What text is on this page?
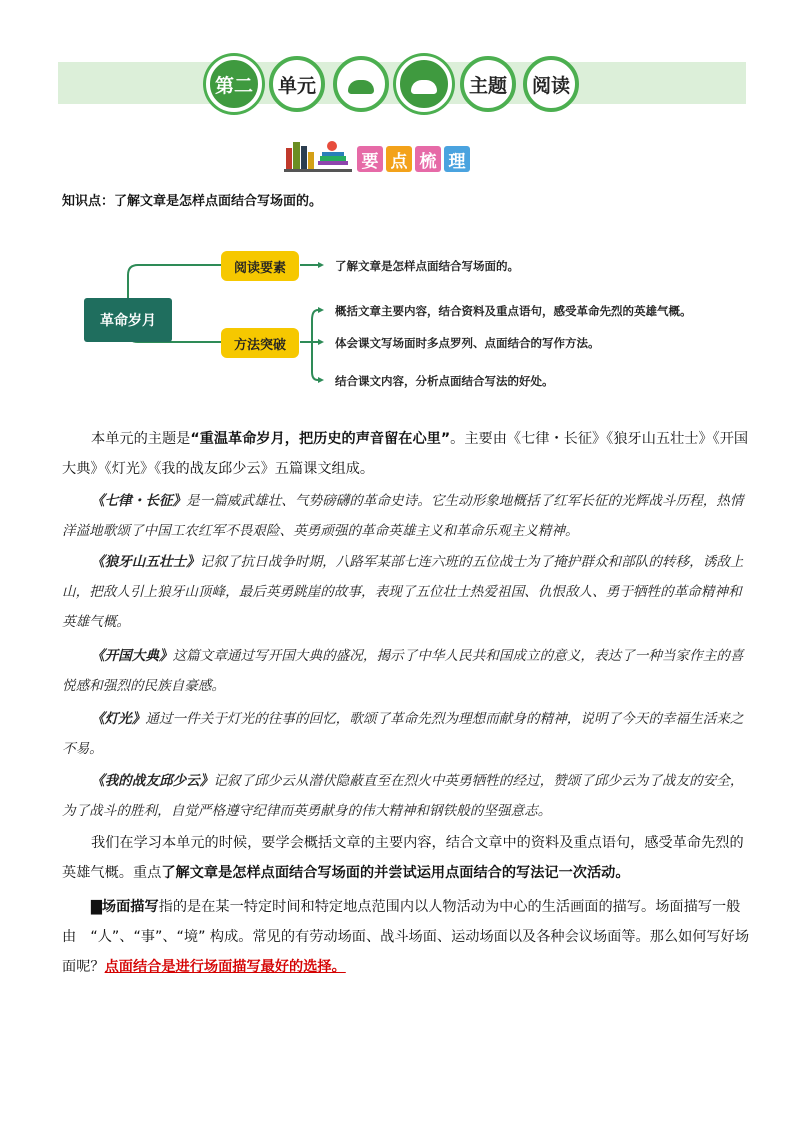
第二 单元	主题 阅读
要 点 梳 理
知识点：了解文章是怎样点面结合写场面的。
革命岁月
阅读要素
方法突破
了解文章是怎样点面结合写场面的。
概括文章主要内容，结合资料及重点语句，感受革命先烈的英雄气概。
体会课文写场面时多点罗列、点面结合的写作方法。
结合课文内容，分析点面结合写法的好处。
本单元的主题是“重温革命岁月，把历史的声音留在心里”。主要由《七律・长征》《狼牙山五壮士》《开国大典》《灯光》《我的战友邱少云》五篇课文组成。
《七律・长征》是一篇威武雄壮、气势磅礴的革命史诗。它生动形象地概括了红军长征的光辉战斗历程，热情洋溢地歌颂了中国工农红军不畏艰险、英勇顽强的革命英雄主义和革命乐观主义精神。
《狼牙山五壮士》记叙了抗日战争时期，八路军某部七连六班的五位战士为了掩护群众和部队的转移，诱敌上山，把敌人引上狼牙山顶峰，最后英勇跳崖的故事，表现了五位壮士热爱祖国、仇恨敌人、勇于牺牲的革命精神和英雄气概。
《开国大典》这篇文章通过写开国大典的盛况，揭示了中华人民共和国成立的意义，表达了一种当家作主的喜悦感和强烈的民族自豪感。
《灯光》通过一件关于灯光的往事的回忆，歌颂了革命先烈为理想而献身的精神，说明了今天的幸福生活来之不易。
《我的战友邱少云》记叙了邱少云从潜伏隐蔽直至在烈火中英勇牺牲的经过，赞颂了邱少云为了战友的安全，为了战斗的胜利，自觉严格遵守纪律而英勇献身的伟大精神和钢铁般的坚强意志。
我们在学习本单元的时候，要学会概括文章的主要内容，结合文章中的资料及重点语句，感受革命先烈的英雄气概。重点了解文章是怎样点面结合写场面的并尝试运用点面结合的写法记一次活动。
▇场面描写指的是在某一特定时间和特定地点范围内以人物活动为中心的生活画面的描写。场面描写一般由　“人”、“事”、“境” 构成。常见的有劳动场面、战斗场面、运动场面以及各种会议场面等。那么如何写好场面呢？点面结合是进行场面描写最好的选择。
